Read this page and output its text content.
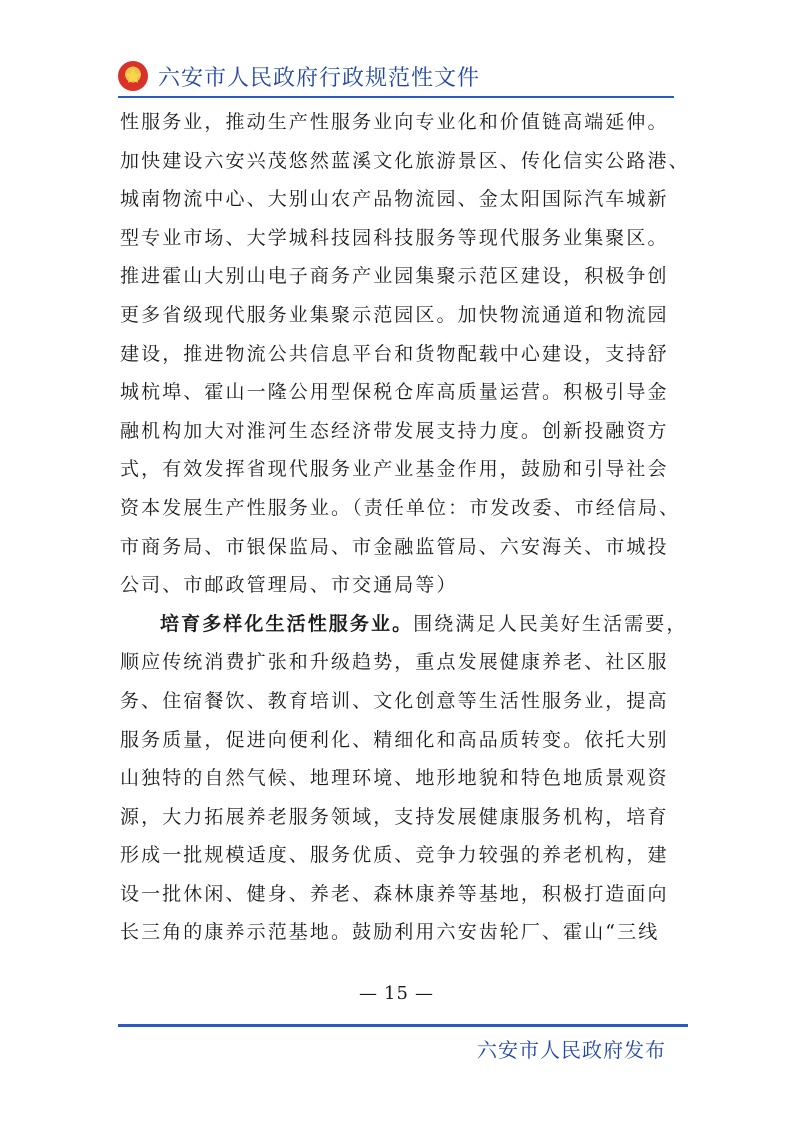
六安市人民政府行政规范性文件
性服务业，推动生产性服务业向专业化和价值链高端延伸。
加快建设六安兴茂悠然蓝溪文化旅游景区、传化信实公路港、
城南物流中心、大别山农产品物流园、金太阳国际汽车城新
型专业市场、大学城科技园科技服务等现代服务业集聚区。
推进霍山大别山电子商务产业园集聚示范区建设，积极争创
更多省级现代服务业集聚示范园区。加快物流通道和物流园
建设，推进物流公共信息平台和货物配载中心建设，支持舒
城杭埠、霍山一隆公用型保税仓库高质量运营。积极引导金
融机构加大对淮河生态经济带发展支持力度。创新投融资方
式，有效发挥省现代服务业产业基金作用，鼓励和引导社会
资本发展生产性服务业。（责任单位：市发改委、市经信局、
市商务局、市银保监局、市金融监管局、六安海关、市城投
公司、市邮政管理局、市交通局等）
培育多样化生活性服务业。围绕满足人民美好生活需要，
顺应传统消费扩张和升级趋势，重点发展健康养老、社区服
务、住宿餐饮、教育培训、文化创意等生活性服务业，提高
服务质量，促进向便利化、精细化和高品质转变。依托大别
山独特的自然气候、地理环境、地形地貌和特色地质景观资
源，大力拓展养老服务领域，支持发展健康服务机构，培育
形成一批规模适度、服务优质、竞争力较强的养老机构，建
设一批休闲、健身、养老、森林康养等基地，积极打造面向
长三角的康养示范基地。鼓励利用六安齿轮厂、霍山“三线
— 15 —
六安市人民政府发布
